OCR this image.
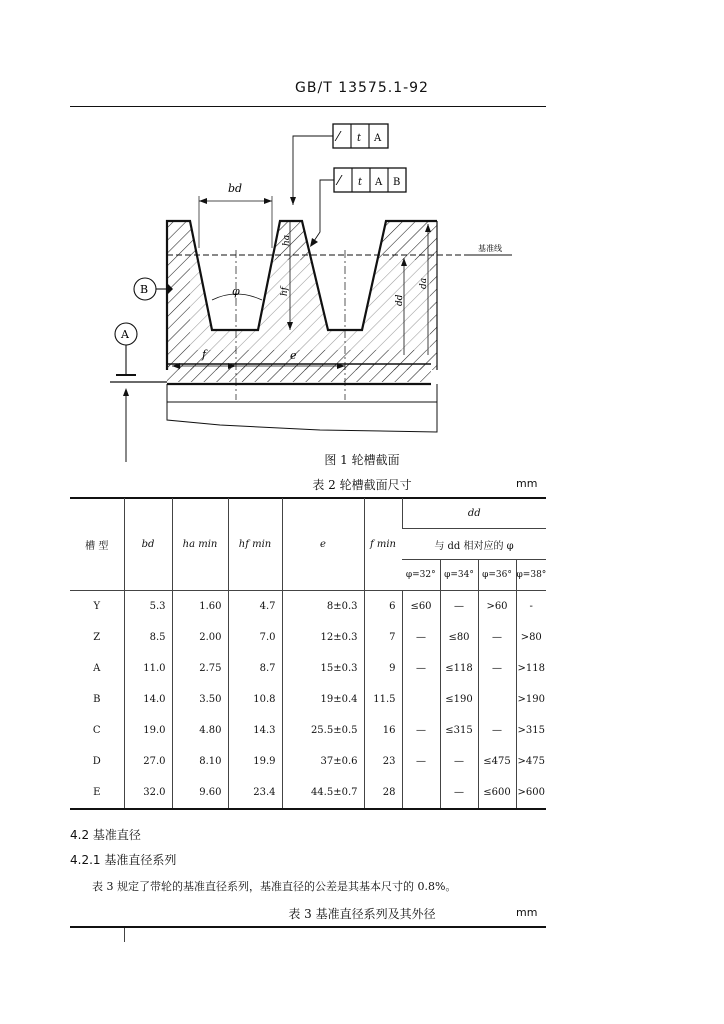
GB/T 13575.1-92
bd
φ
ha
hf
dd
da
f	e
⁄ t A
⁄ t A B
B
A
基准线
图 1 轮槽截面
表 2 轮槽截面尺寸	mm
槽 型	bd	ha min	hf min	e	f min	dd			
						与 dd 相对应的 φ			
						φ=32°	φ=34°	φ=36°	φ=38°
Y	5.3	1.60	4.7	8±0.3	6	≤60	—	>60	-
Z	8.5	2.00	7.0	12±0.3	7	—	≤80	—	>80
A	11.0	2.75	8.7	15±0.3	9	—	≤118	—	>118
B	14.0	3.50	10.8	19±0.4	11.5		≤190		>190
C	19.0	4.80	14.3	25.5±0.5	16	—	≤315	—	>315
D	27.0	8.10	19.9	37±0.6	23	—	—	≤475	>475
E	32.0	9.60	23.4	44.5±0.7	28		—	≤600	>600
4.2 基准直径
4.2.1 基准直径系列
表 3 规定了带轮的基准直径系列，基准直径的公差是其基本尺寸的 0.8%。
表 3 基准直径系列及其外径	mm
